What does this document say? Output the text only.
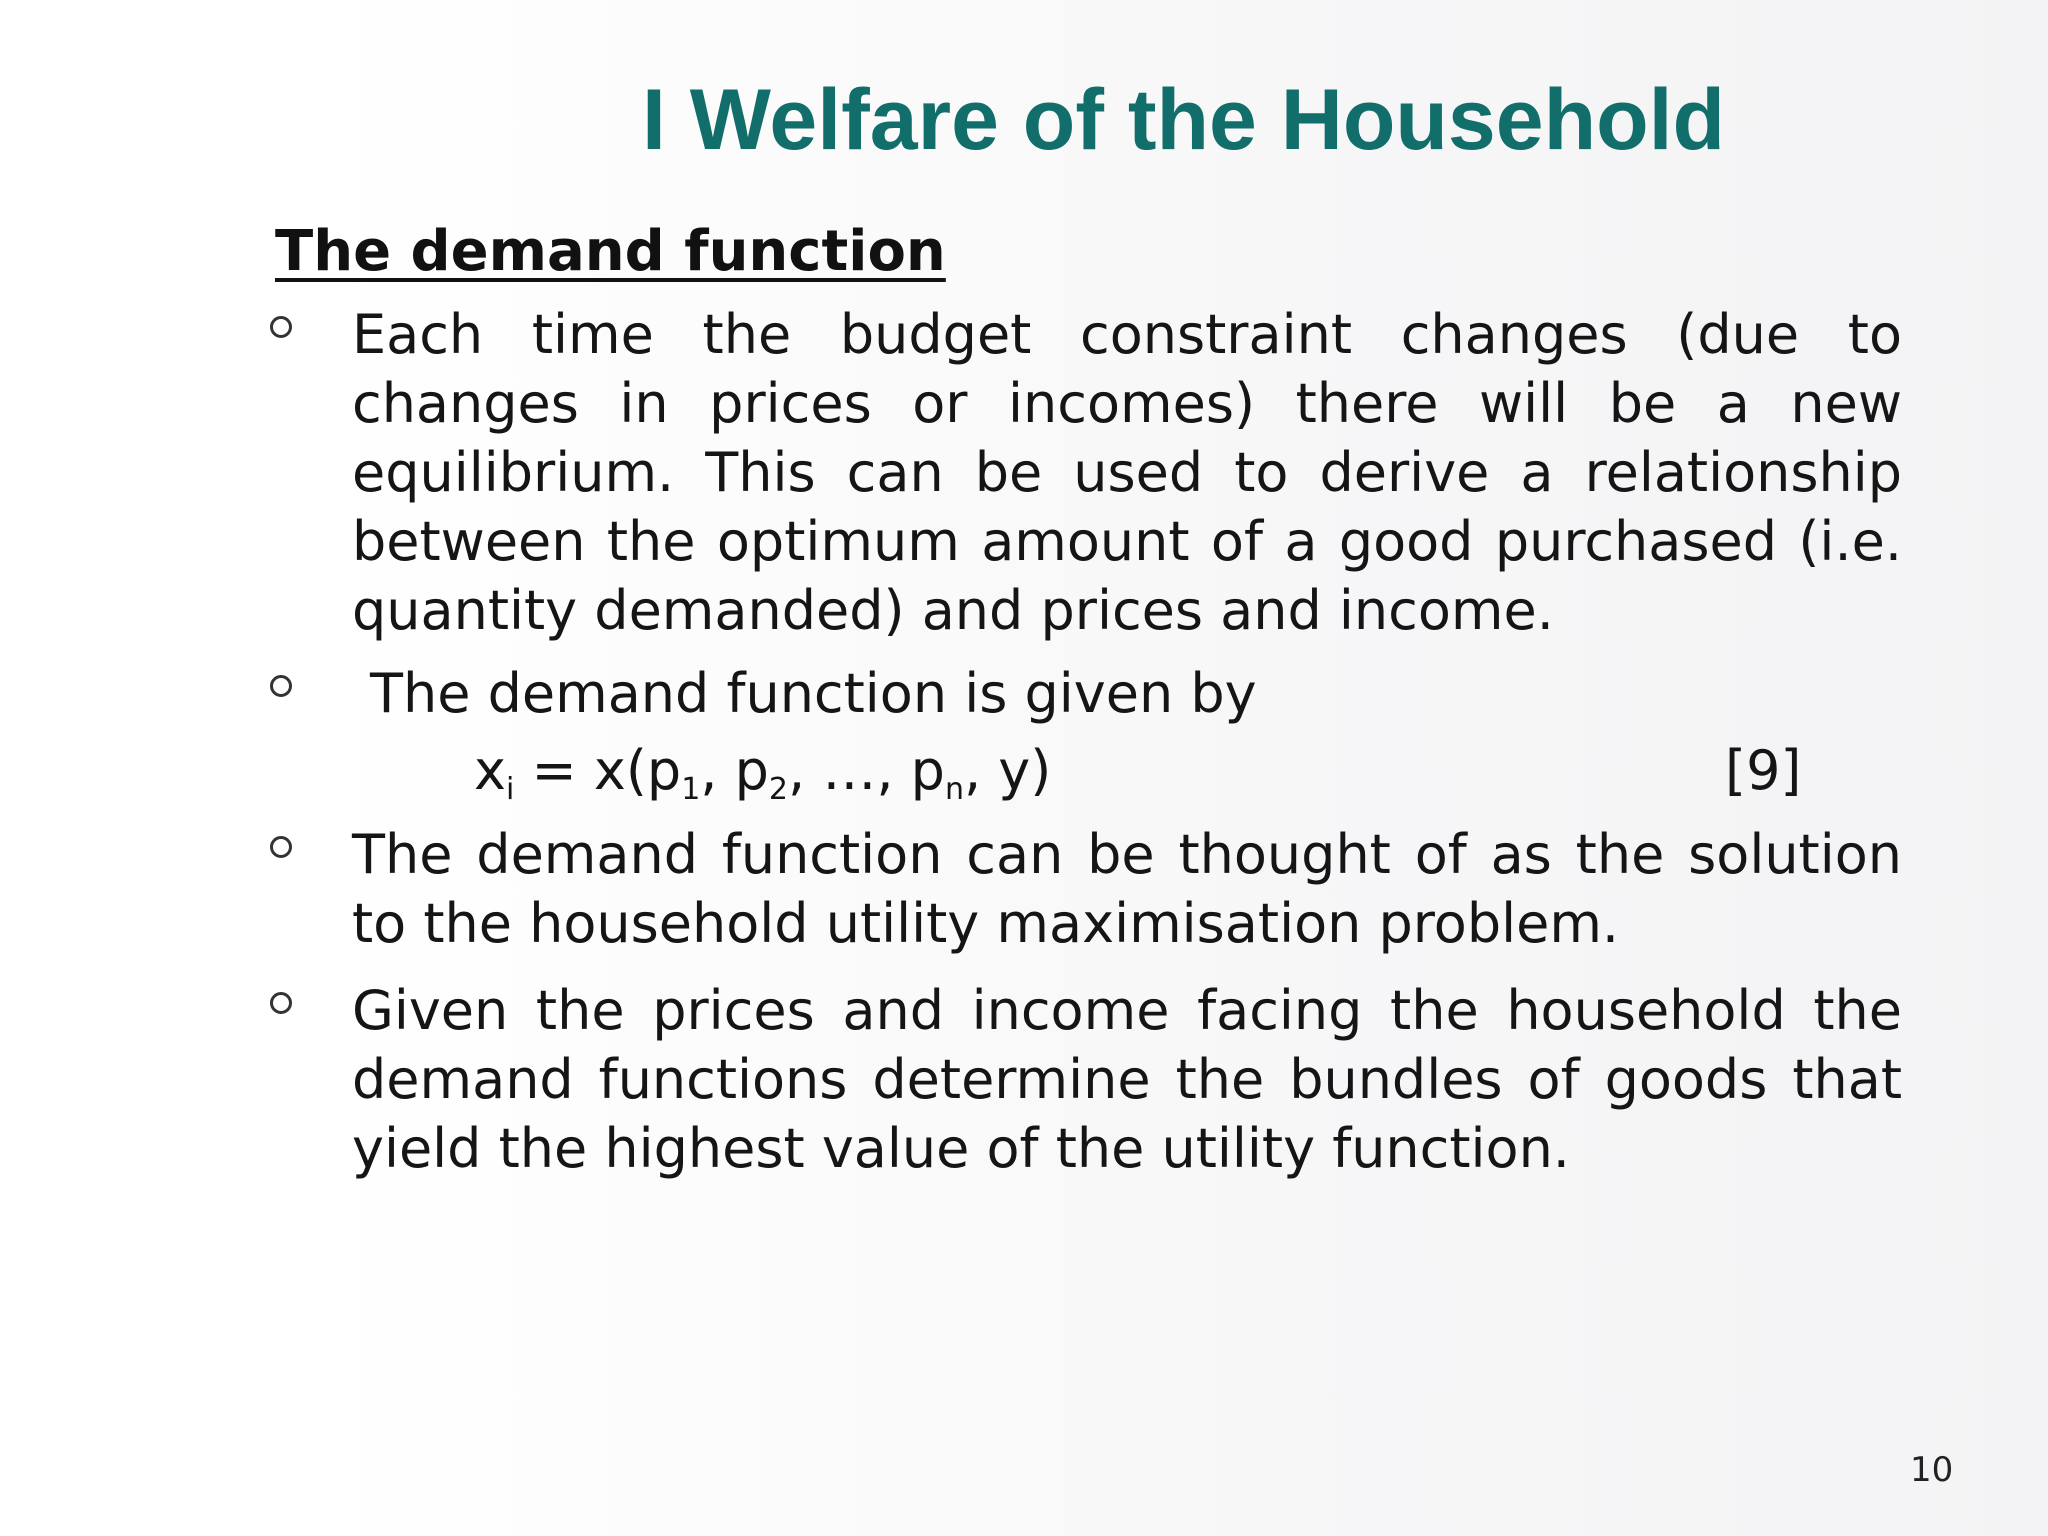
I Welfare of the Household
The demand function
Each time the budget constraint changes (due to changes in prices or incomes) there will be a new equilibrium. This can be used to derive a relationship between the optimum amount of a good purchased (i.e. quantity demanded) and prices and income.
The demand function is given by
$x_i = x(p_1$, $p_2$, …, $p_n$, y)	[9]
The demand function can be thought of as the solution to the household utility maximisation problem.
Given the prices and income facing the household the demand functions determine the bundles of goods that yield the highest value of the utility function.
10
